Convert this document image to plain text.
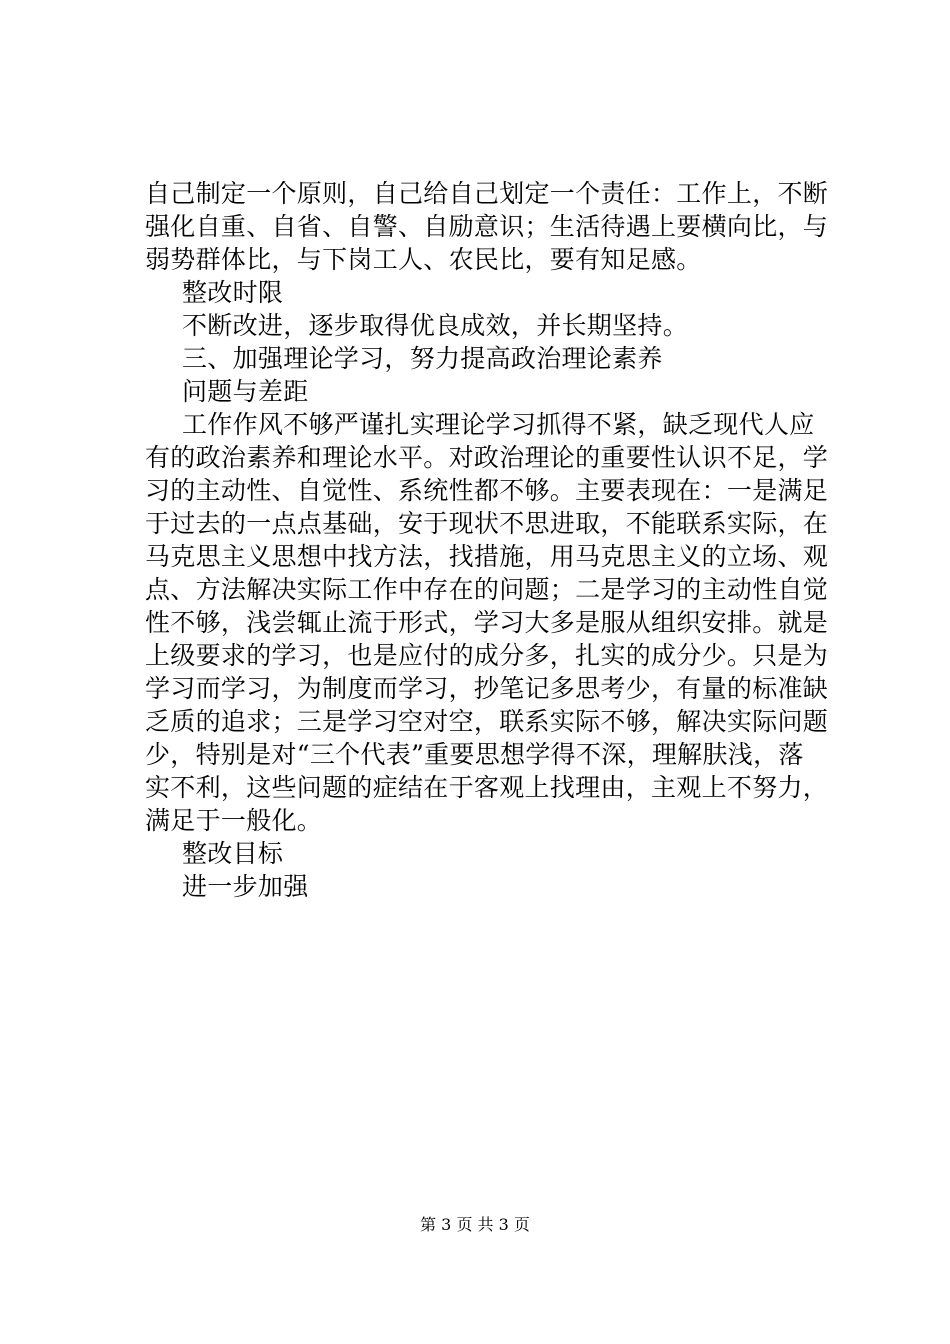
自己制定一个原则，自己给自己划定一个责任：工作上，不断
强化自重、自省、自警、自励意识；生活待遇上要横向比，与
弱势群体比，与下岗工人、农民比，要有知足感。
整改时限
不断改进，逐步取得优良成效，并长期坚持。
三、加强理论学习，努力提高政治理论素养
问题与差距
工作作风不够严谨扎实理论学习抓得不紧，缺乏现代人应
有的政治素养和理论水平。对政治理论的重要性认识不足，学
习的主动性、自觉性、系统性都不够。主要表现在：一是满足
于过去的一点点基础，安于现状不思进取，不能联系实际，在
马克思主义思想中找方法，找措施，用马克思主义的立场、观
点、方法解决实际工作中存在的问题；二是学习的主动性自觉
性不够，浅尝辄止流于形式，学习大多是服从组织安排。就是
上级要求的学习，也是应付的成分多，扎实的成分少。只是为
学习而学习，为制度而学习，抄笔记多思考少，有量的标准缺
乏质的追求；三是学习空对空，联系实际不够，解决实际问题
少，特别是对“三个代表”重要思想学得不深，理解肤浅，落
实不利，这些问题的症结在于客观上找理由，主观上不努力，
满足于一般化。
整改目标
进一步加强
第 3 页 共 3 页
